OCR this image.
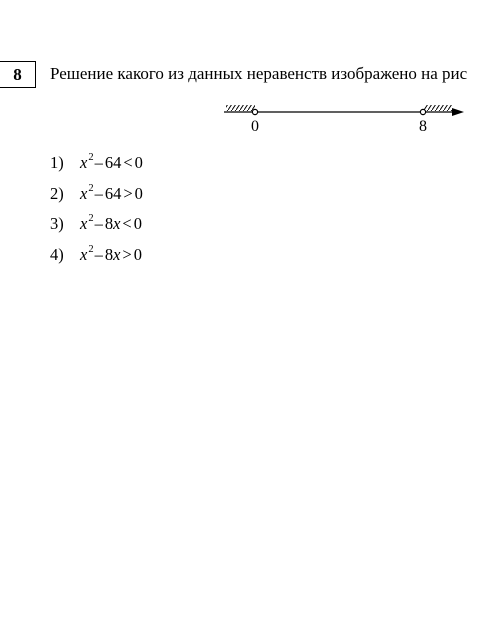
8 Решение какого из данных неравенств изображено на рис
0	8
1) x 2 – 64 < 0
2) x 2 – 64 > 0
3) x 2 – 8 x < 0
4) x 2 – 8 x > 0
